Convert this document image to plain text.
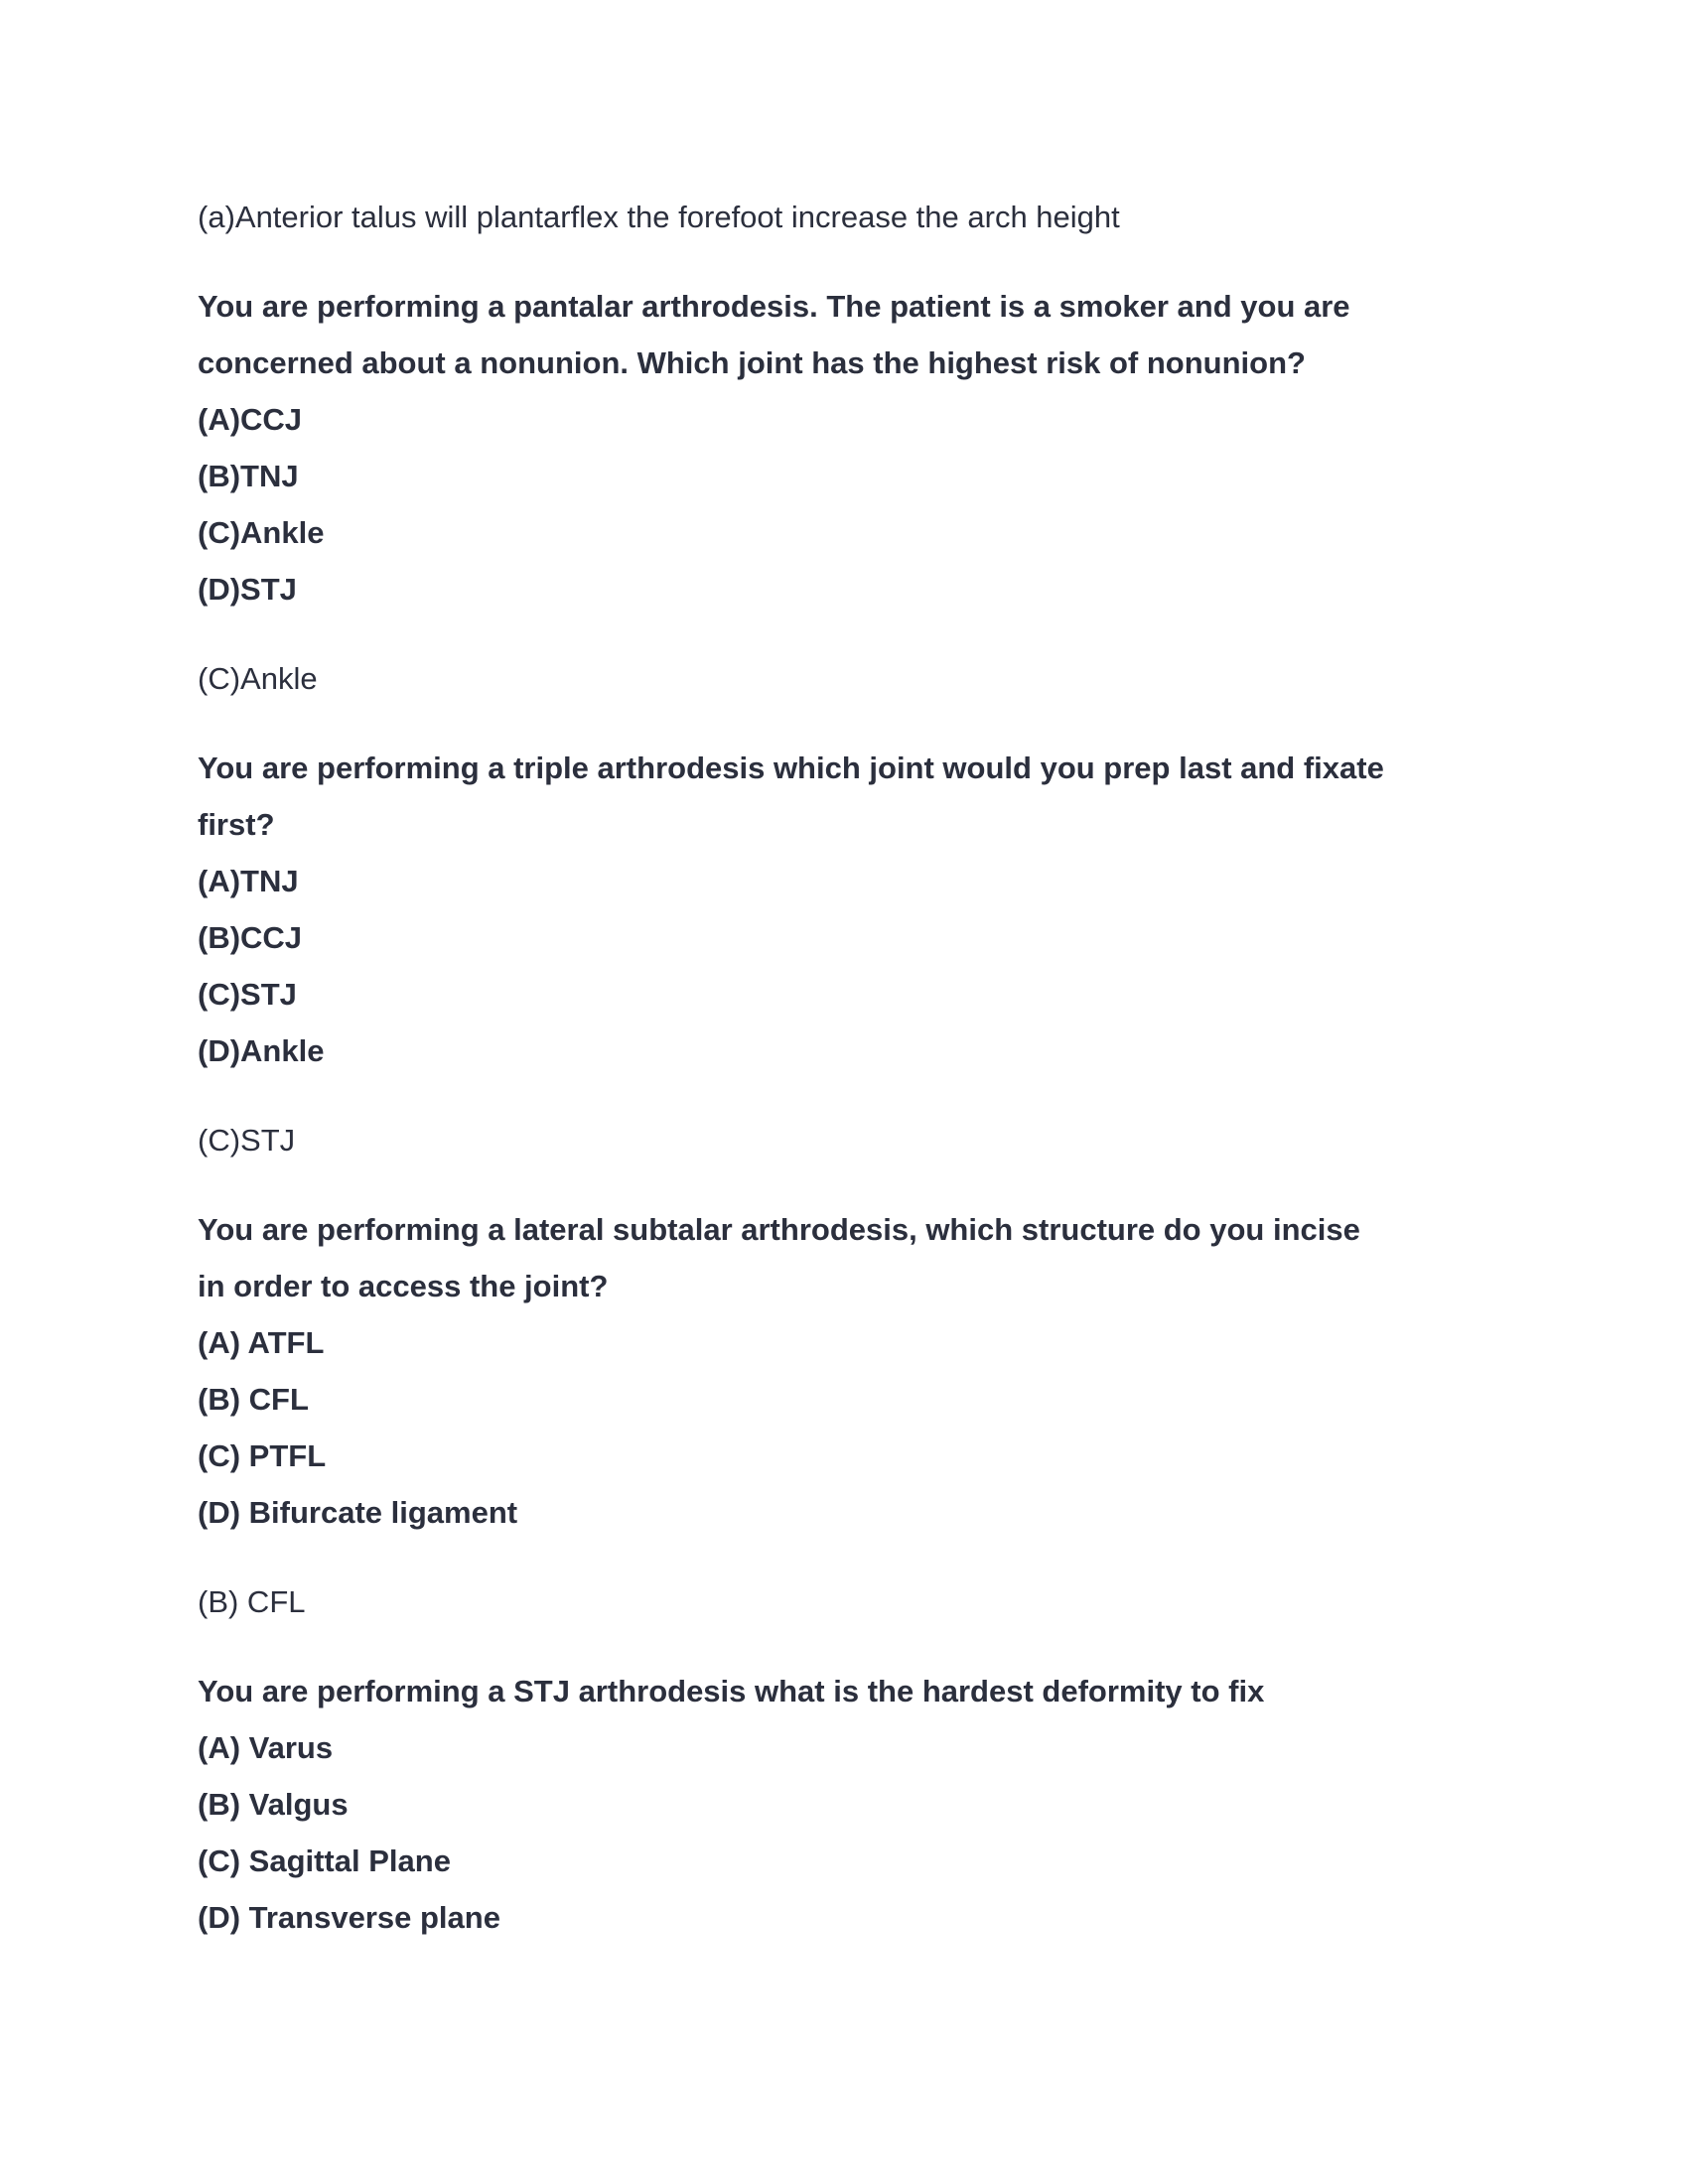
(a)Anterior talus will plantarflex the forefoot increase the arch height
You are performing a pantalar arthrodesis. The patient is a smoker and you are
concerned about a nonunion. Which joint has the highest risk of nonunion?
(A)CCJ
(B)TNJ
(C)Ankle
(D)STJ
(C)Ankle
You are performing a triple arthrodesis which joint would you prep last and fixate
first?
(A)TNJ
(B)CCJ
(C)STJ
(D)Ankle
(C)STJ
You are performing a lateral subtalar arthrodesis, which structure do you incise
in order to access the joint?
(A) ATFL
(B) CFL
(C) PTFL
(D) Bifurcate ligament
(B) CFL
You are performing a STJ arthrodesis what is the hardest deformity to fix
(A) Varus
(B) Valgus
(C) Sagittal Plane
(D) Transverse plane
